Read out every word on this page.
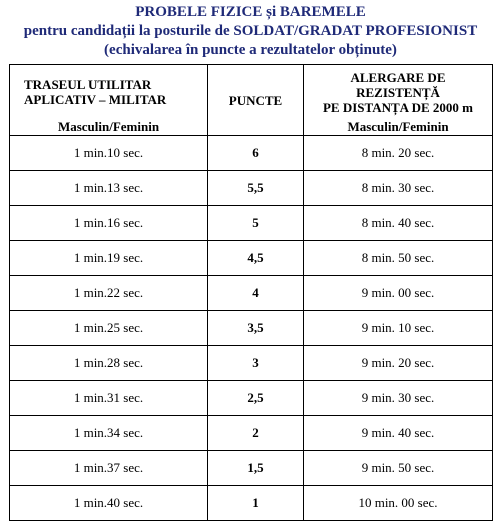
PROBELE FIZICE și BAREMELE
pentru candidații la posturile de SOLDAT/GRADAT PROFESIONIST
(echivalarea în puncte a rezultatelor obținute)
TRASEUL UTILITAR
APLICATIV – MILITAR	PUNCTE	ALERGARE DE
REZISTENȚĂ
PE DISTANȚA DE 2000 m

Masculin/Feminin		Masculin/Feminin
1 min.10 sec.	6	8 min. 20 sec.
1 min.13 sec.	5,5	8 min. 30 sec.
1 min.16 sec.	5	8 min. 40 sec.
1 min.19 sec.	4,5	8 min. 50 sec.
1 min.22 sec.	4	9 min. 00 sec.
1 min.25 sec.	3,5	9 min. 10 sec.
1 min.28 sec.	3	9 min. 20 sec.
1 min.31 sec.	2,5	9 min. 30 sec.
1 min.34 sec.	2	9 min. 40 sec.
1 min.37 sec.	1,5	9 min. 50 sec.
1 min.40 sec.	1	10 min. 00 sec.
